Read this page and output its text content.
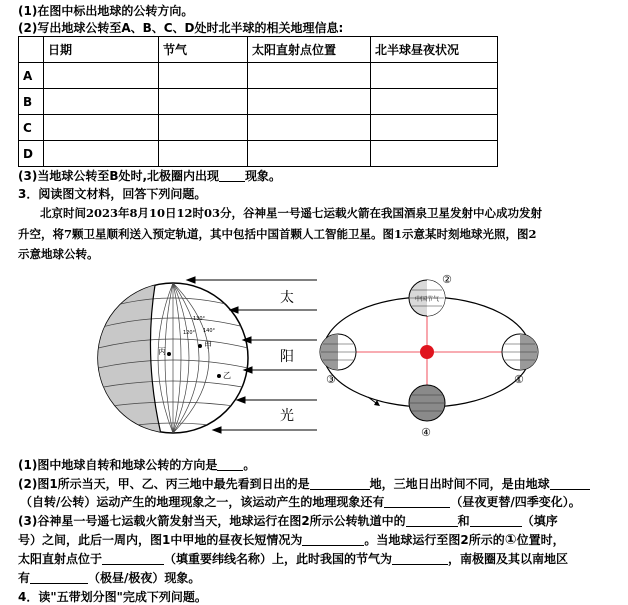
(1)在图中标出地球的公转方向。
(2)写出地球公转至A、B、C、D处时北半球的相关地理信息:
	日期	节气	太阳直射点位置	北半球昼夜状况
A				
B				
C				
D				
(3)当地球公转至B处时,北极圈内出现 现象。
3．阅读图文材料，回答下列问题。
北京时间2023年8月10日12时03分，谷神星一号遥七运载火箭在我国酒泉卫星发射中心成功发射
升空，将7颗卫星顺利送入预定轨道，其中包括中国首颗人工智能卫星。图1示意某时刻地球光照，图2
示意地球公转。
丙
甲
乙
120° 140°
130°
太
阳
光
中国节气
②
③	①
④
(1)图中地球自转和地球公转的方向是 。
(2)图1所示当天，甲、乙、丙三地中最先看到日出的是	地，三地日出时间不同，是由地球
（自转/公转）运动产生的地理现象之一，该运动产生的地理现象还有	（昼夜更替/四季变化）。
(3)谷神星一号遥七运载火箭发射当天，地球运行在图2所示公转轨道中的	和	（填序
号）之间，此后一周内，图1中甲地的昼夜长短情况为	。当地球运行至图2所示的①位置时，
太阳直射点位于	（填重要纬线名称）上，此时我国的节气为	，南极圈及其以南地区
有	（极昼/极夜）现象。
4．读"五带划分图"完成下列问题。
